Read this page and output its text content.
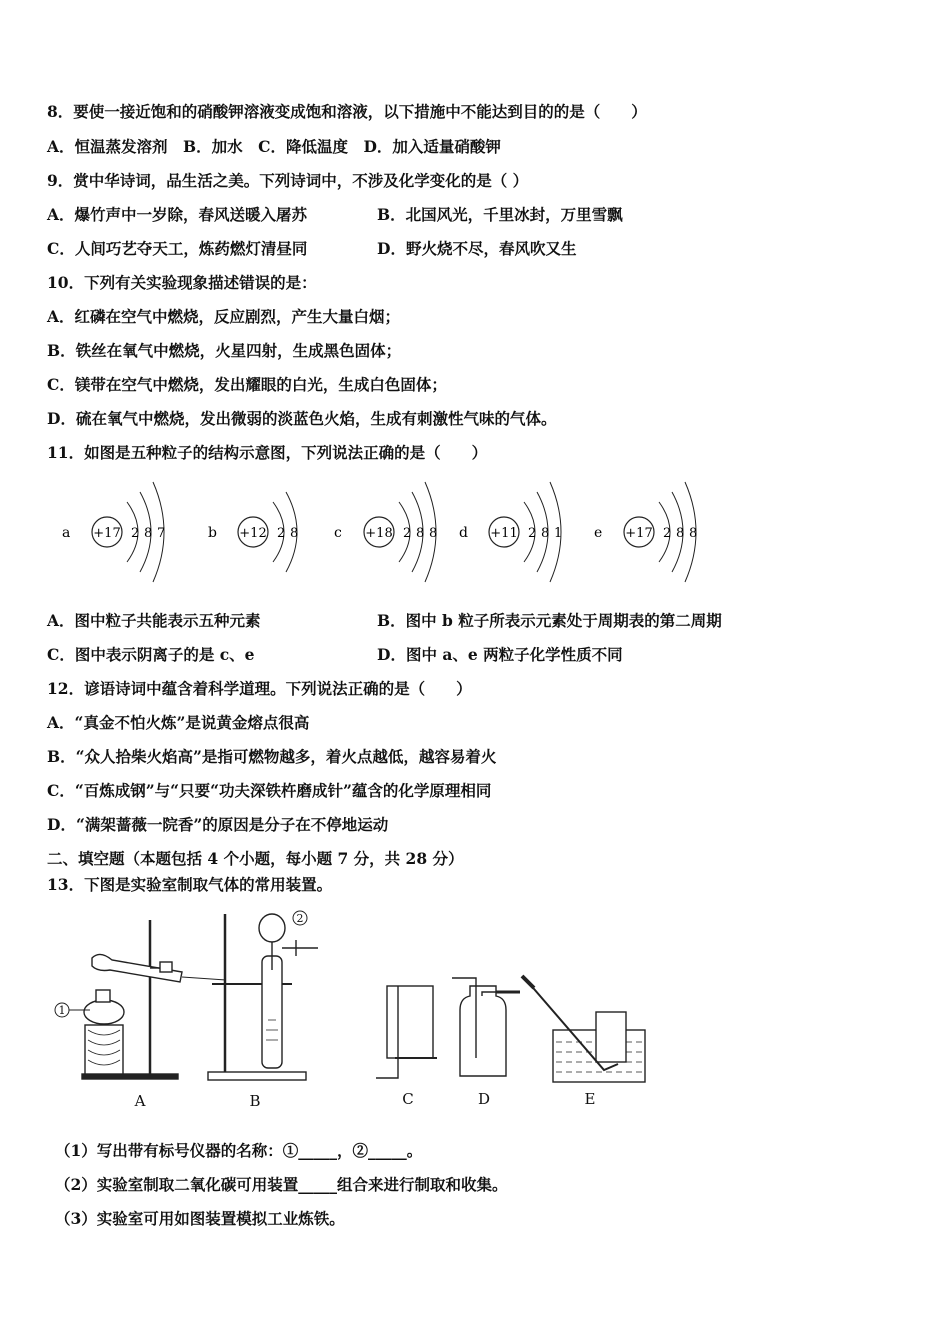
8．要使一接近饱和的硝酸钾溶液变成饱和溶液，以下措施中不能达到目的的是（　　）
A．恒温蒸发溶剂　B．加水　C．降低温度　D．加入适量硝酸钾
9．赏中华诗词，品生活之美。下列诗词中，不涉及化学变化的是（ ）
A．爆竹声中一岁除，春风送暖入屠苏	B．北国风光，千里冰封，万里雪飘
C．人间巧艺夺天工，炼药燃灯清昼同	D．野火烧不尽，春风吹又生
10．下列有关实验现象描述错误的是：
A．红磷在空气中燃烧，反应剧烈，产生大量白烟；
B．铁丝在氧气中燃烧，火星四射，生成黑色固体；
C．镁带在空气中燃烧，发出耀眼的白光，生成白色固体；
D．硫在氧气中燃烧，发出微弱的淡蓝色火焰，生成有刺激性气味的气体。
11．如图是五种粒子的结构示意图，下列说法正确的是（　　）
a +17 2 8 7	b +12 2 8	c +18 2 8 8 d +11 2 8 1 e +17 2 8 8
A．图中粒子共能表示五种元素	B．图中 b 粒子所表示元素处于周期表的第二周期
C．图中表示阴离子的是 c、e	D．图中 a、e 两粒子化学性质不同
12．谚语诗词中蕴含着科学道理。下列说法正确的是（　　）
A．“真金不怕火炼”是说黄金熔点很高
B．“众人拾柴火焰高”是指可燃物越多，着火点越低，越容易着火
C．“百炼成钢”与“只要“功夫深铁杵磨成针”蕴含的化学原理相同
D．“满架蔷薇一院香”的原因是分子在不停地运动
二、填空题（本题包括 4 个小题，每小题 7 分，共 28 分）
13．下图是实验室制取气体的常用装置。
A	B	C	D	E
1
2
（1）写出带有标号仪器的名称：①_____，②_____。
（2）实验室制取二氧化碳可用装置_____组合来进行制取和收集。
（3）实验室可用如图装置模拟工业炼铁。
